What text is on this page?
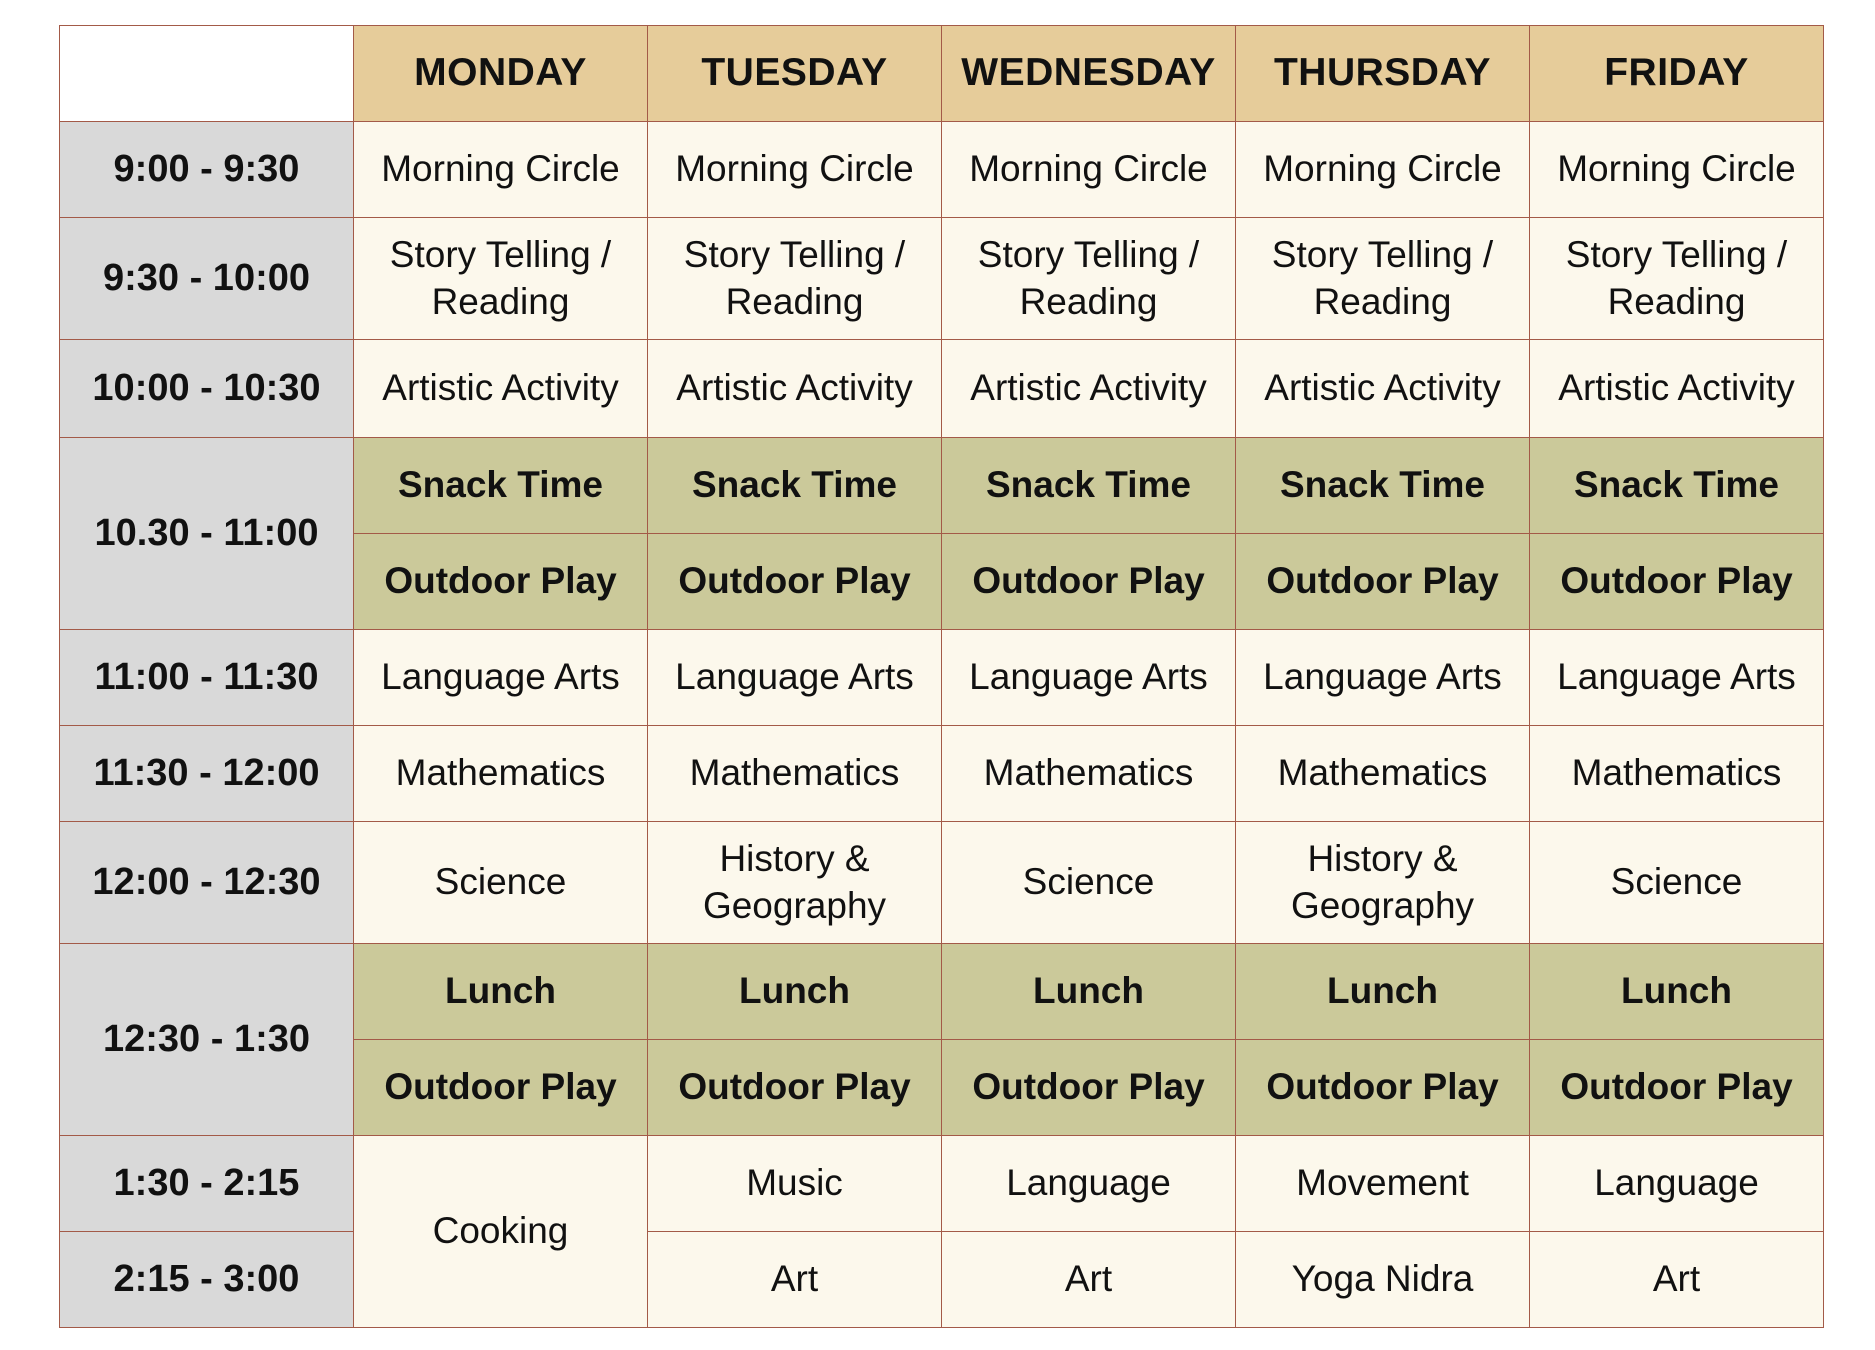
	MONDAY	TUESDAY	WEDNESDAY	THURSDAY	FRIDAY
9:00 - 9:30	Morning Circle	Morning Circle	Morning Circle	Morning Circle	Morning Circle
9:30 - 10:00	Story Telling / Reading	Story Telling / Reading	Story Telling / Reading	Story Telling / Reading	Story Telling / Reading
10:00 - 10:30	Artistic Activity	Artistic Activity	Artistic Activity	Artistic Activity	Artistic Activity
10.30 - 11:00	Snack Time	Snack Time	Snack Time	Snack Time	Snack Time
	Outdoor Play	Outdoor Play	Outdoor Play	Outdoor Play	Outdoor Play
11:00 - 11:30	Language Arts	Language Arts	Language Arts	Language Arts	Language Arts
11:30 - 12:00	Mathematics	Mathematics	Mathematics	Mathematics	Mathematics
12:00 - 12:30	Science	History & Geography	Science	History & Geography	Science
12:30 - 1:30	Lunch	Lunch	Lunch	Lunch	Lunch
	Outdoor Play	Outdoor Play	Outdoor Play	Outdoor Play	Outdoor Play
1:30 - 2:15	Cooking	Music	Language	Movement	Language
2:15 - 3:00		Art	Art	Yoga Nidra	Art
